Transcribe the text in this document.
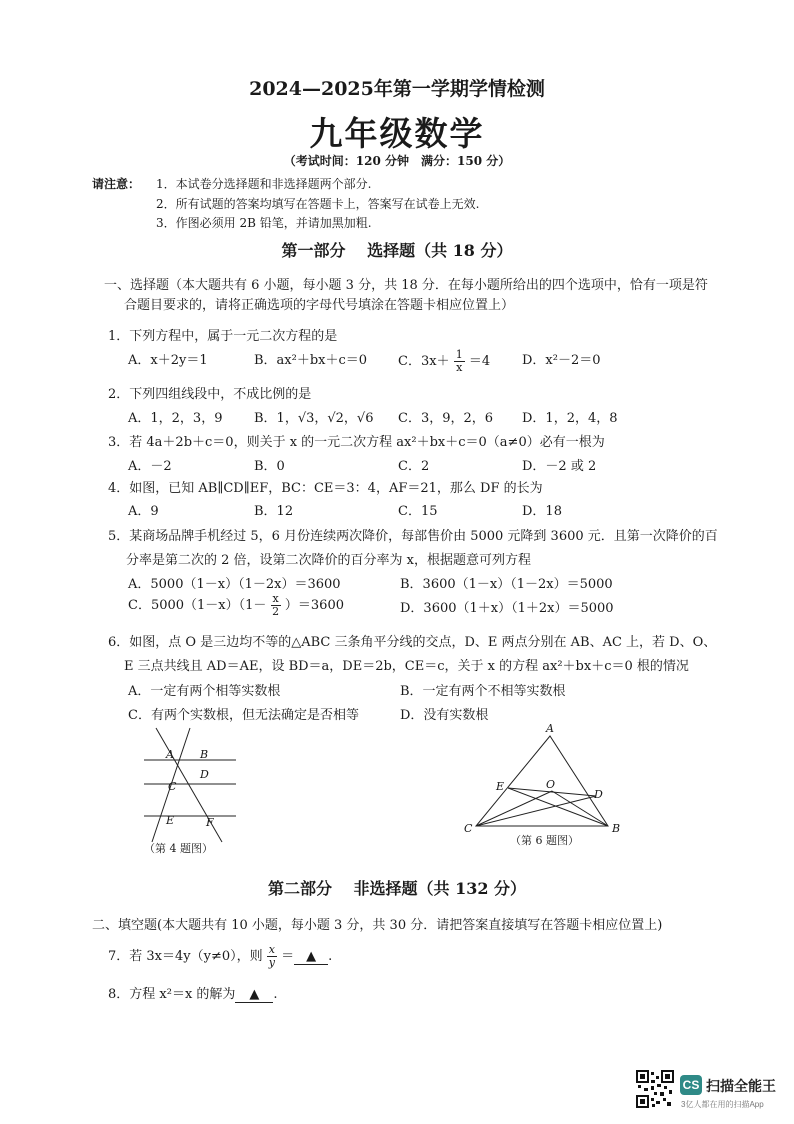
2024—2025年第一学期学情检测
九年级数学
（考试时间：120 分钟　满分：150 分）
请注意： 1．本试卷分选择题和非选择题两个部分.
2．所有试题的答案均填写在答题卡上，答案写在试卷上无效.
3．作图必须用 2B 铅笔，并请加黑加粗.
第一部分　 选择题（共 18 分）
一、选择题（本大题共有 6 小题，每小题 3 分，共 18 分．在每小题所给出的四个选项中，恰有一项是符
合题目要求的，请将正确选项的字母代号填涂在答题卡相应位置上）
1．下列方程中，属于一元二次方程的是
A．x＋2y＝1	B．ax²＋bx＋c＝0 C．$3x+ \frac{1}{x} =4$ D．x²－2＝0
2．下列四组线段中，不成比例的是
A．1，2，3，9 B．1，√3，√2，√6 C．3，9，2，6 D．1，2，4，8
3．若 4a＋2b＋c＝0，则关于 x 的一元二次方程 ax²＋bx＋c＝0（a≠0）必有一根为
A．－2	B．0	C．2	D．－2 或 2
4．如图，已知 AB∥CD∥EF，BC：CE＝3：4，AF＝21，那么 DF 的长为
A．9	B．12	C．15	D．18
5．某商场品牌手机经过 5，6 月份连续两次降价，每部售价由 5000 元降到 3600 元．且第一次降价的百
分率是第二次的 2 倍，设第二次降价的百分率为 x，根据题意可列方程
A．5000（1－x）（1－2x）＝3600	B．3600（1－x）（1－2x）＝5000
C．$5000(1-x)(1- \frac{x}{2} )=3600$	D．3600（1＋x）（1＋2x）＝5000
6．如图，点 O 是三边均不等的△ABC 三条角平分线的交点，D、E 两点分别在 AB、AC 上，若 D、O、
E 三点共线且 AD＝AE，设 BD＝a，DE＝2b，CE＝c，关于 x 的方程 ax²＋bx＋c＝0 根的情况
A．一定有两个相等实数根	B．一定有两个不相等实数根
C．有两个实数根，但无法确定是否相等	D．没有实数根
A B
C
D
E	F
（第 4 题图）
A
E	O
D
C	B
（第 6 题图）
第二部分　 非选择题（共 132 分）
二、填空题(本大题共有 10 小题，每小题 3 分，共 30 分．请把答案直接填写在答题卡相应位置上)
7．若 3x＝4y（y≠0），则 $\frac{x}{y}$ ＝ ▲ .
8．方程 x²＝x 的解为 ▲ .
CS 扫描全能王
3亿人都在用的扫描App
